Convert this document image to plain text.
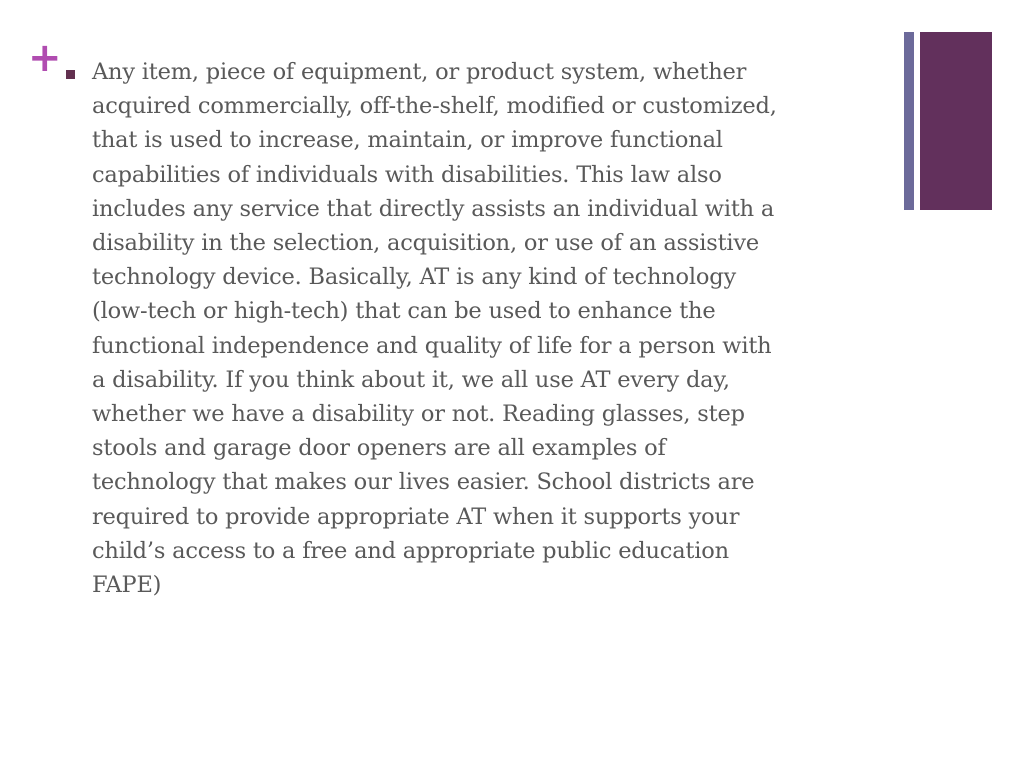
+ Any item, piece of equipment, or product system, whether
acquired commercially, off-the-shelf, modified or customized,
that is used to increase, maintain, or improve functional
capabilities of individuals with disabilities. This law also
includes any service that directly assists an individual with a
disability in the selection, acquisition, or use of an assistive
technology device. Basically, AT is any kind of technology
(low-tech or high-tech) that can be used to enhance the
functional independence and quality of life for a person with
a disability. If you think about it, we all use AT every day,
whether we have a disability or not. Reading glasses, step
stools and garage door openers are all examples of
technology that makes our lives easier. School districts are
required to provide appropriate AT when it supports your
child’s access to a free and appropriate public education
FAPE)
